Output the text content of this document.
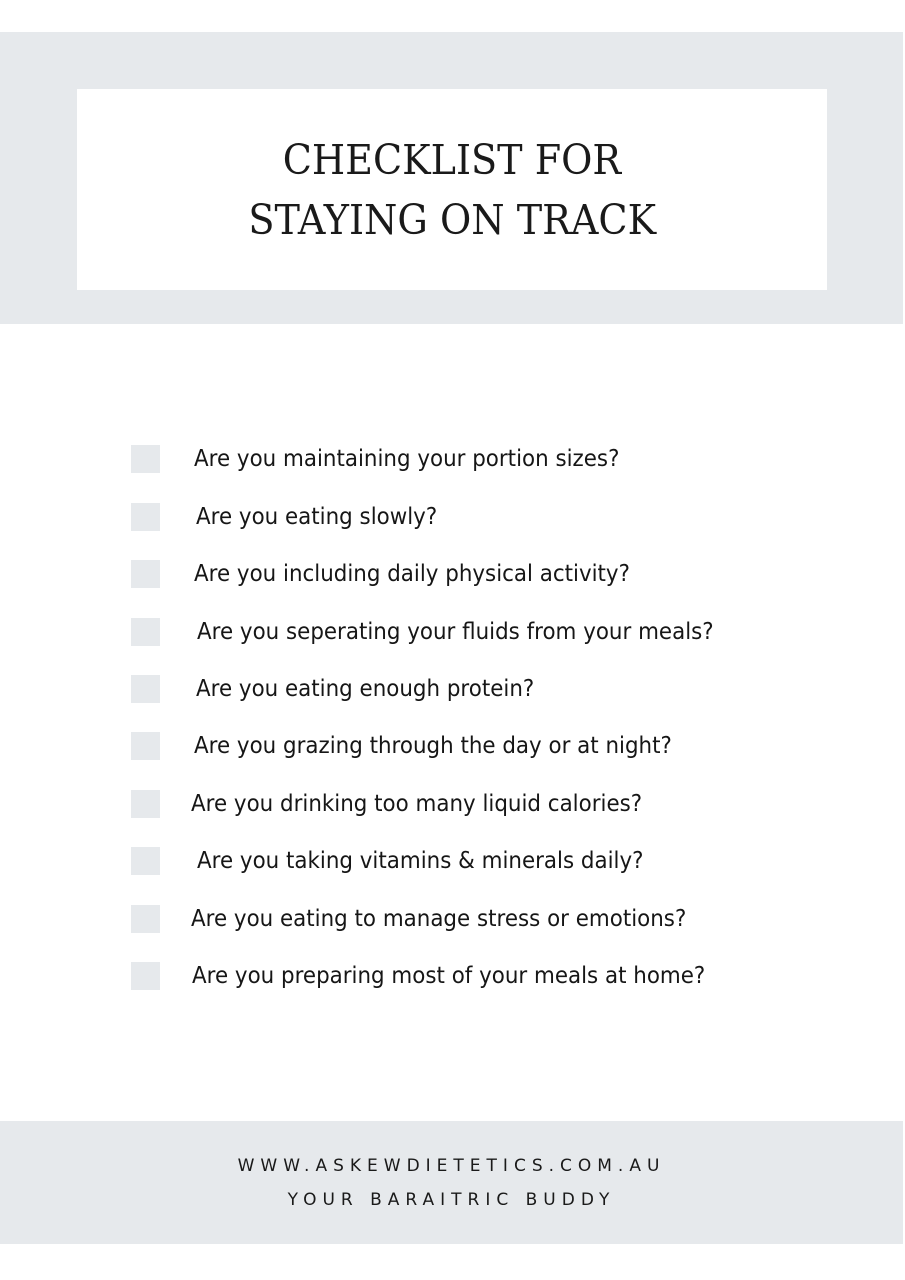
CHECKLIST FOR
STAYING ON TRACK
Are you maintaining your portion sizes?
Are you eating slowly?
Are you including daily physical activity?
Are you seperating your fluids from your meals?
Are you eating enough protein?
Are you grazing through the day or at night?
Are you drinking too many liquid calories?
Are you taking vitamins & minerals daily?
Are you eating to manage stress or emotions?
Are you preparing most of your meals at home?
WWW.ASKEWDIETETICS.COM.AU
YOUR BARAITRIC BUDDY
